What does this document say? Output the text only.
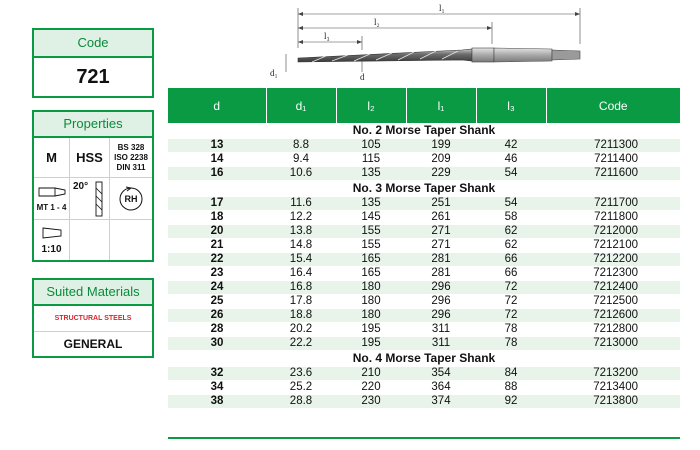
Code
721
Properties
M HSS
BS 328
ISO 2238
DIN 311
MT 1 - 4
20°
RH
1:10
Suited Materials
STRUCTURAL STEELS
GENERAL
l₁
l₂
l₃
d₁	d
d	d₁	l₂	l₁	l₃	Code
No. 2 Morse Taper Shank					
13	8.8	105	199	42	7211300
14	9.4	115	209	46	7211400
16	10.6	135	229	54	7211600
No. 3 Morse Taper Shank					
17	11.6	135	251	54	7211700
18	12.2	145	261	58	7211800
20	13.8	155	271	62	7212000
21	14.8	155	271	62	7212100
22	15.4	165	281	66	7212200
23	16.4	165	281	66	7212300
24	16.8	180	296	72	7212400
25	17.8	180	296	72	7212500
26	18.8	180	296	72	7212600
28	20.2	195	311	78	7212800
30	22.2	195	311	78	7213000
No. 4 Morse Taper Shank					
32	23.6	210	354	84	7213200
34	25.2	220	364	88	7213400
38	28.8	230	374	92	7213800
